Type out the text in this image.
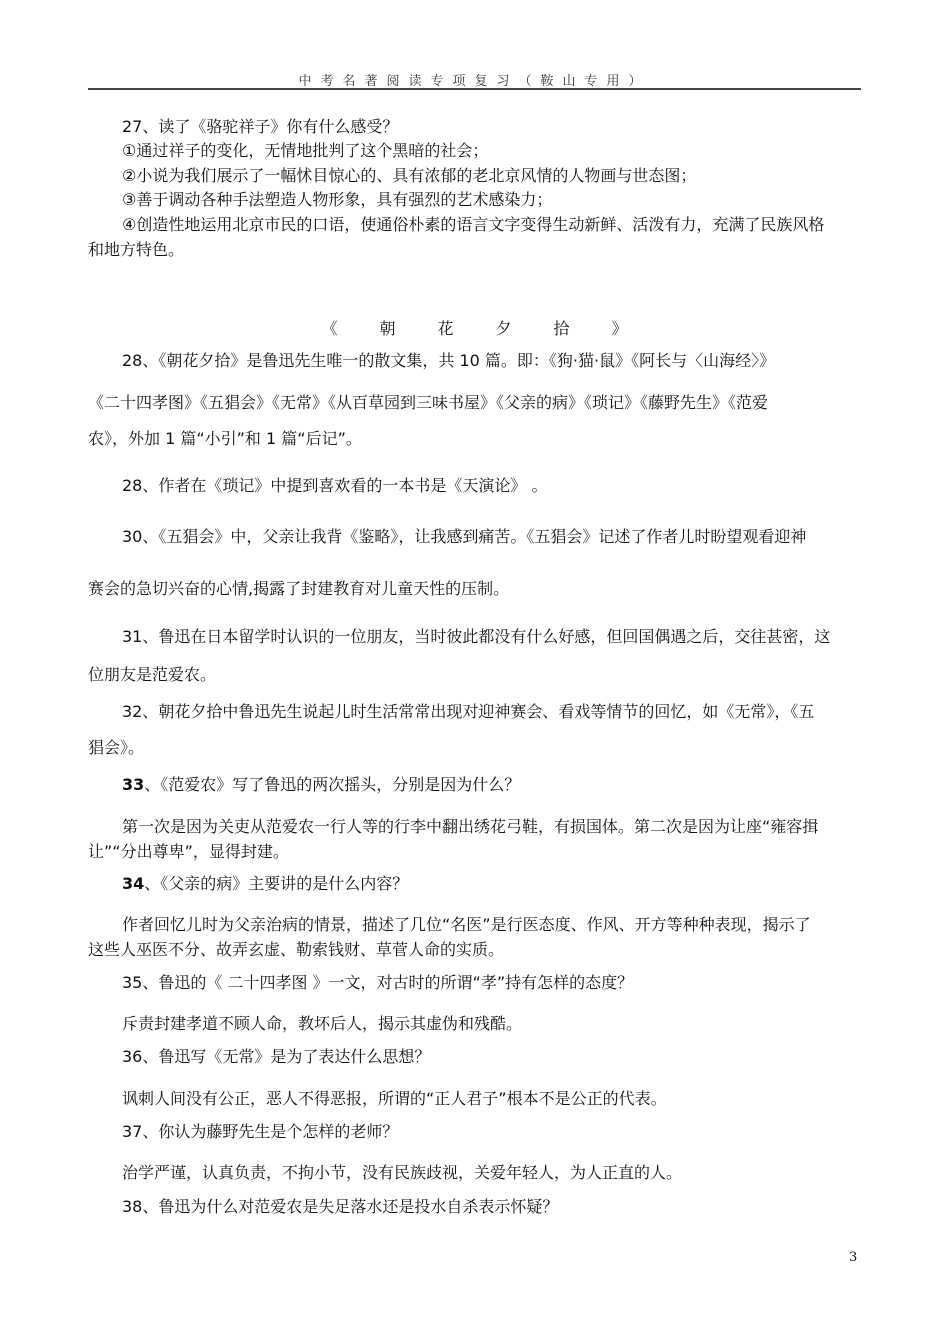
中考名著阅读专项复习（鞍山专用）
27、读了《骆驼祥子》你有什么感受？
①通过祥子的变化，无情地批判了这个黑暗的社会；
②小说为我们展示了一幅怵目惊心的、具有浓郁的老北京风情的人物画与世态图；
③善于调动各种手法塑造人物形象，具有强烈的艺术感染力；
④创造性地运用北京市民的口语，使通俗朴素的语言文字变得生动新鲜、活泼有力，充满了民族风格
和地方特色。
《	朝	花	夕	拾	》
28、《朝花夕拾》是鲁迅先生唯一的散文集，共 10 篇。即：《狗·猫·鼠》《阿长与〈山海经〉》
《二十四孝图》《五猖会》《无常》《从百草园到三味书屋》《父亲的病》《琐记》《藤野先生》《范爱
农》，外加 1 篇“小引”和 1 篇“后记”。
28、作者在《琐记》中提到喜欢看的一本书是《天演论》 。
30、《五猖会》中，父亲让我背《鉴略》，让我感到痛苦。《五猖会》记述了作者儿时盼望观看迎神
赛会的急切兴奋的心情,揭露了封建教育对儿童天性的压制。
31、鲁迅在日本留学时认识的一位朋友，当时彼此都没有什么好感，但回国偶遇之后，交往甚密，这
位朋友是范爱农。
32、朝花夕拾中鲁迅先生说起儿时生活常常出现对迎神赛会、看戏等情节的回忆，如《无常》，《五
猖会》。
33、《范爱农》写了鲁迅的两次摇头，分别是因为什么？
第一次是因为关吏从范爱农一行人等的行李中翻出绣花弓鞋，有损国体。第二次是因为让座“雍容揖
让”“分出尊卑”，显得封建。
34、《父亲的病》主要讲的是什么内容？
作者回忆儿时为父亲治病的情景，描述了几位“名医”是行医态度、作风、开方等种种表现，揭示了
这些人巫医不分、故弄玄虚、勒索钱财、草菅人命的实质。
35、鲁迅的《 二十四孝图 》一文，对古时的所谓“孝”持有怎样的态度？
斥责封建孝道不顾人命，教坏后人，揭示其虚伪和残酷。
36、鲁迅写《无常》是为了表达什么思想？
讽刺人间没有公正，恶人不得恶报，所谓的“正人君子”根本不是公正的代表。
37、你认为藤野先生是个怎样的老师？
治学严谨，认真负责，不拘小节，没有民族歧视，关爱年轻人，为人正直的人。
38、鲁迅为什么对范爱农是失足落水还是投水自杀表示怀疑？
3
